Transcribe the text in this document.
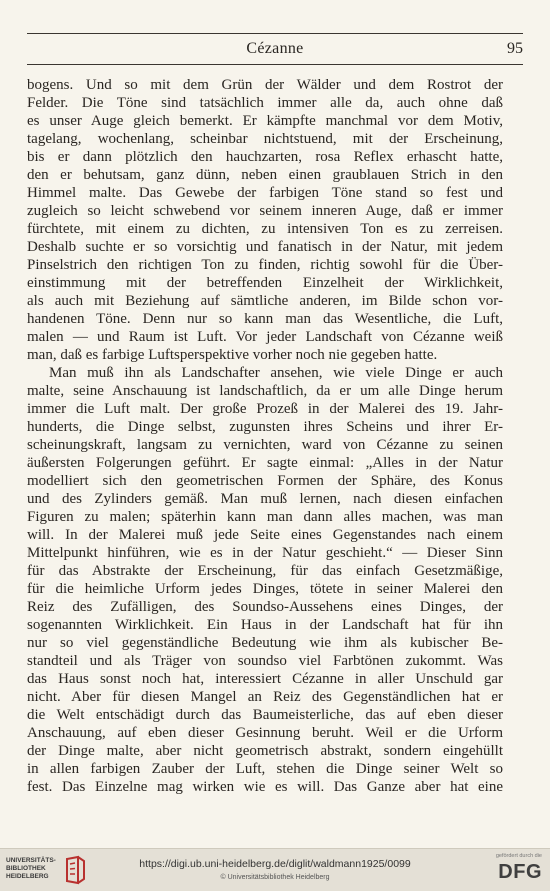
Cézanne	95
bogens. Und so mit dem Grün der Wälder und dem Rostrot der
Felder. Die Töne sind tatsächlich immer alle da, auch ohne daß
es unser Auge gleich bemerkt. Er kämpfte manchmal vor dem Motiv,
tagelang, wochenlang, scheinbar nichtstuend, mit der Erscheinung,
bis er dann plötzlich den hauchzarten, rosa Reflex erhascht hatte,
den er behutsam, ganz dünn, neben einen graublauen Strich in den
Himmel malte. Das Gewebe der farbigen Töne stand so fest und
zugleich so leicht schwebend vor seinem inneren Auge, daß er immer
fürchtete, mit einem zu dichten, zu intensiven Ton es zu zerreisen.
Deshalb suchte er so vorsichtig und fanatisch in der Natur, mit jedem
Pinselstrich den richtigen Ton zu finden, richtig sowohl für die Über-
einstimmung mit der betreffenden Einzelheit der Wirklichkeit,
als auch mit Beziehung auf sämtliche anderen, im Bilde schon vor-
handenen Töne. Denn nur so kann man das Wesentliche, die Luft,
malen — und Raum ist Luft. Vor jeder Landschaft von Cézanne weiß
man, daß es farbige Luftsperspektive vorher noch nie gegeben hatte.
Man muß ihn als Landschafter ansehen, wie viele Dinge er auch
malte, seine Anschauung ist landschaftlich, da er um alle Dinge herum
immer die Luft malt. Der große Prozeß in der Malerei des 19. Jahr-
hunderts, die Dinge selbst, zugunsten ihres Scheins und ihrer Er-
scheinungskraft, langsam zu vernichten, ward von Cézanne zu seinen
äußersten Folgerungen geführt. Er sagte einmal: „Alles in der Natur
modelliert sich den geometrischen Formen der Sphäre, des Konus
und des Zylinders gemäß. Man muß lernen, nach diesen einfachen
Figuren zu malen; späterhin kann man dann alles machen, was man
will. In der Malerei muß jede Seite eines Gegenstandes nach einem
Mittelpunkt hinführen, wie es in der Natur geschieht.“ — Dieser Sinn
für das Abstrakte der Erscheinung, für das einfach Gesetzmäßige,
für die heimliche Urform jedes Dinges, tötete in seiner Malerei den
Reiz des Zufälligen, des Soundso-Aussehens eines Dinges, der
sogenannten Wirklichkeit. Ein Haus in der Landschaft hat für ihn
nur so viel gegenständliche Bedeutung wie ihm als kubischer Be-
standteil und als Träger von soundso viel Farbtönen zukommt. Was
das Haus sonst noch hat, interessiert Cézanne in aller Unschuld gar
nicht. Aber für diesen Mangel an Reiz des Gegenständlichen hat er
die Welt entschädigt durch das Baumeisterliche, das auf eben dieser
Anschauung, auf eben dieser Gesinnung beruht. Weil er die Urform
der Dinge malte, aber nicht geometrisch abstrakt, sondern eingehüllt
in allen farbigen Zauber der Luft, stehen die Dinge seiner Welt so
fest. Das Einzelne mag wirken wie es will. Das Ganze aber hat eine
UNIVERSITÄTS-
BIBLIOTHEK
HEIDELBERG
https://digi.ub.uni-heidelberg.de/diglit/waldmann1925/0099
© Universitätsbibliothek Heidelberg
gefördert durch die
DFG
